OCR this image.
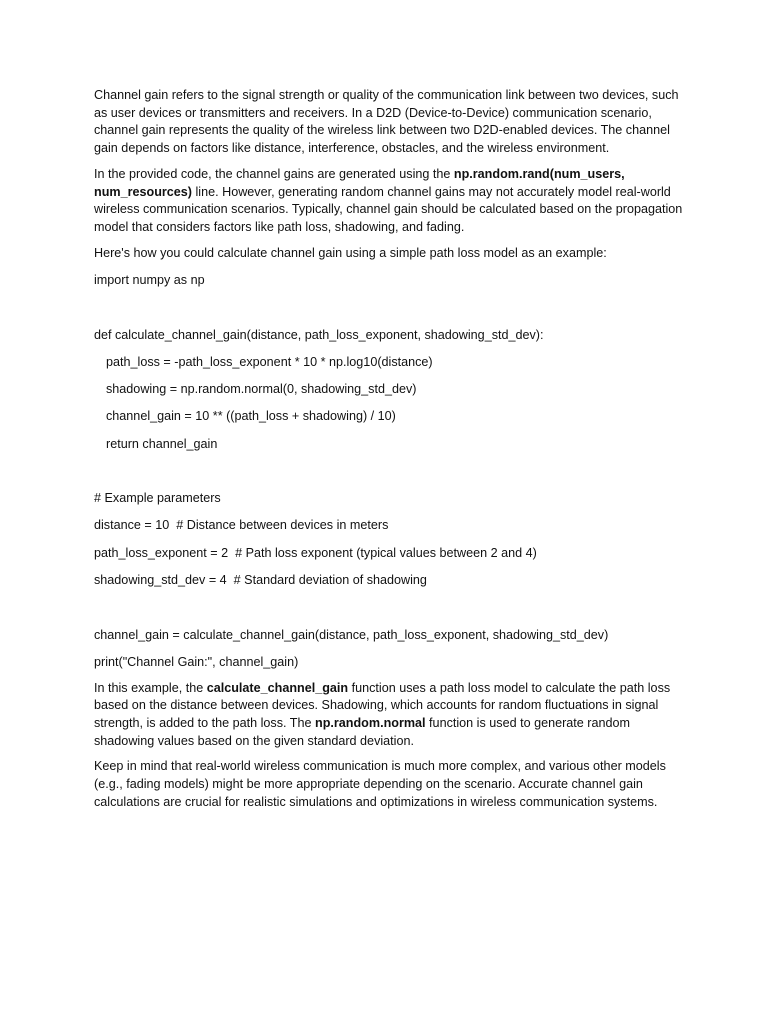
Channel gain refers to the signal strength or quality of the communication link between two devices, such as user devices or transmitters and receivers. In a D2D (Device-to-Device) communication scenario, channel gain represents the quality of the wireless link between two D2D-enabled devices. The channel gain depends on factors like distance, interference, obstacles, and the wireless environment.

In the provided code, the channel gains are generated using the np.random.rand(num_users, num_resources) line. However, generating random channel gains may not accurately model real-world wireless communication scenarios. Typically, channel gain should be calculated based on the propagation model that considers factors like path loss, shadowing, and fading.

Here's how you could calculate channel gain using a simple path loss model as an example:

import numpy as np

def calculate_channel_gain(distance, path_loss_exponent, shadowing_std_dev):

path_loss = -path_loss_exponent * 10 * np.log10(distance)

shadowing = np.random.normal(0, shadowing_std_dev)

channel_gain = 10 ** ((path_loss + shadowing) / 10)

return channel_gain

# Example parameters

distance = 10  # Distance between devices in meters

path_loss_exponent = 2  # Path loss exponent (typical values between 2 and 4)

shadowing_std_dev = 4  # Standard deviation of shadowing

channel_gain = calculate_channel_gain(distance, path_loss_exponent, shadowing_std_dev)

print("Channel Gain:", channel_gain)

In this example, the calculate_channel_gain function uses a path loss model to calculate the path loss based on the distance between devices. Shadowing, which accounts for random fluctuations in signal strength, is added to the path loss. The np.random.normal function is used to generate random shadowing values based on the given standard deviation.

Keep in mind that real-world wireless communication is much more complex, and various other models (e.g., fading models) might be more appropriate depending on the scenario. Accurate channel gain calculations are crucial for realistic simulations and optimizations in wireless communication systems.
